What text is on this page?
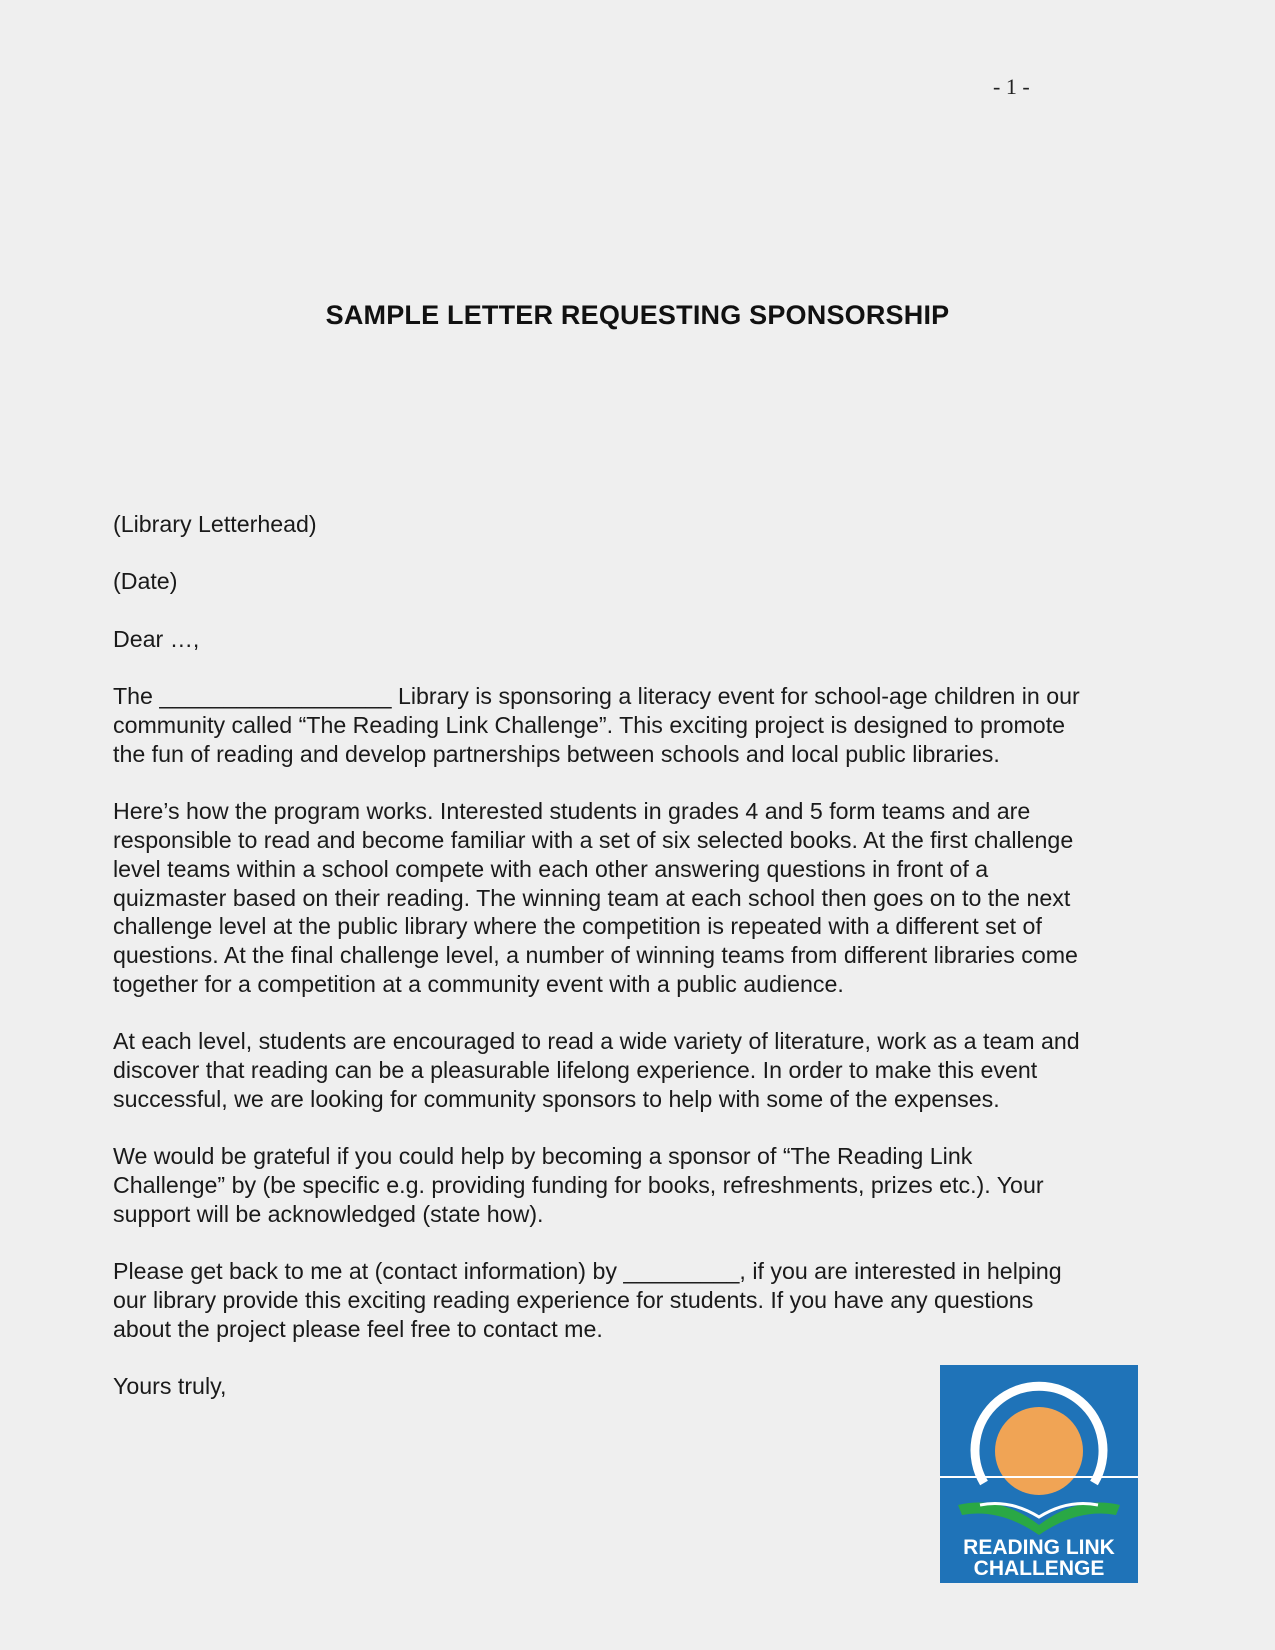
- 1 -
SAMPLE LETTER REQUESTING SPONSORSHIP

(Library Letterhead)

(Date)

Dear …,

The __________________ Library is sponsoring a literacy event for school-age children in our
community called “The Reading Link Challenge”. This exciting project is designed to promote
the fun of reading and develop partnerships between schools and local public libraries.

Here’s how the program works. Interested students in grades 4 and 5 form teams and are
responsible to read and become familiar with a set of six selected books. At the first challenge
level teams within a school compete with each other answering questions in front of a
quizmaster based on their reading. The winning team at each school then goes on to the next
challenge level at the public library where the competition is repeated with a different set of
questions. At the final challenge level, a number of winning teams from different libraries come
together for a competition at a community event with a public audience.

At each level, students are encouraged to read a wide variety of literature, work as a team and
discover that reading can be a pleasurable lifelong experience. In order to make this event
successful, we are looking for community sponsors to help with some of the expenses.

We would be grateful if you could help by becoming a sponsor of “The Reading Link
Challenge” by (be specific e.g. providing funding for books, refreshments, prizes etc.). Your
support will be acknowledged (state how).

Please get back to me at (contact information) by _________, if you are interested in helping
our library provide this exciting reading experience for students. If you have any questions
about the project please feel free to contact me.

Yours truly,

READING LINK
CHALLENGE
